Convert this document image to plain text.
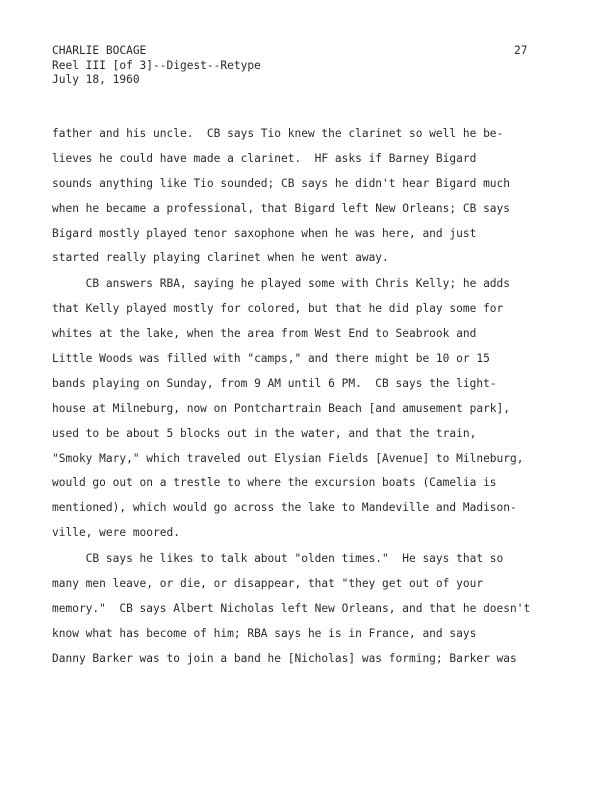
CHARLIE BOCAGE
Reel III [of 3]--Digest--Retype
July 18, 1960
27
father and his uncle.  CB says Tio knew the clarinet so well he be-
lieves he could have made a clarinet.  HF asks if Barney Bigard
sounds anything like Tio sounded; CB says he didn't hear Bigard much
when he became a professional, that Bigard left New Orleans; CB says
Bigard mostly played tenor saxophone when he was here, and just
started really playing clarinet when he went away.
CB answers RBA, saying he played some with Chris Kelly; he adds
that Kelly played mostly for colored, but that he did play some for
whites at the lake, when the area from West End to Seabrook and
Little Woods was filled with "camps," and there might be 10 or 15
bands playing on Sunday, from 9 AM until 6 PM.  CB says the light-
house at Milneburg, now on Pontchartrain Beach [and amusement park],
used to be about 5 blocks out in the water, and that the train,
"Smoky Mary," which traveled out Elysian Fields [Avenue] to Milneburg,
would go out on a trestle to where the excursion boats (Camelia is
mentioned), which would go across the lake to Mandeville and Madison-
ville, were moored.
CB says he likes to talk about "olden times."  He says that so
many men leave, or die, or disappear, that "they get out of your
memory."  CB says Albert Nicholas left New Orleans, and that he doesn't
know what has become of him; RBA says he is in France, and says
Danny Barker was to join a band he [Nicholas] was forming; Barker was
